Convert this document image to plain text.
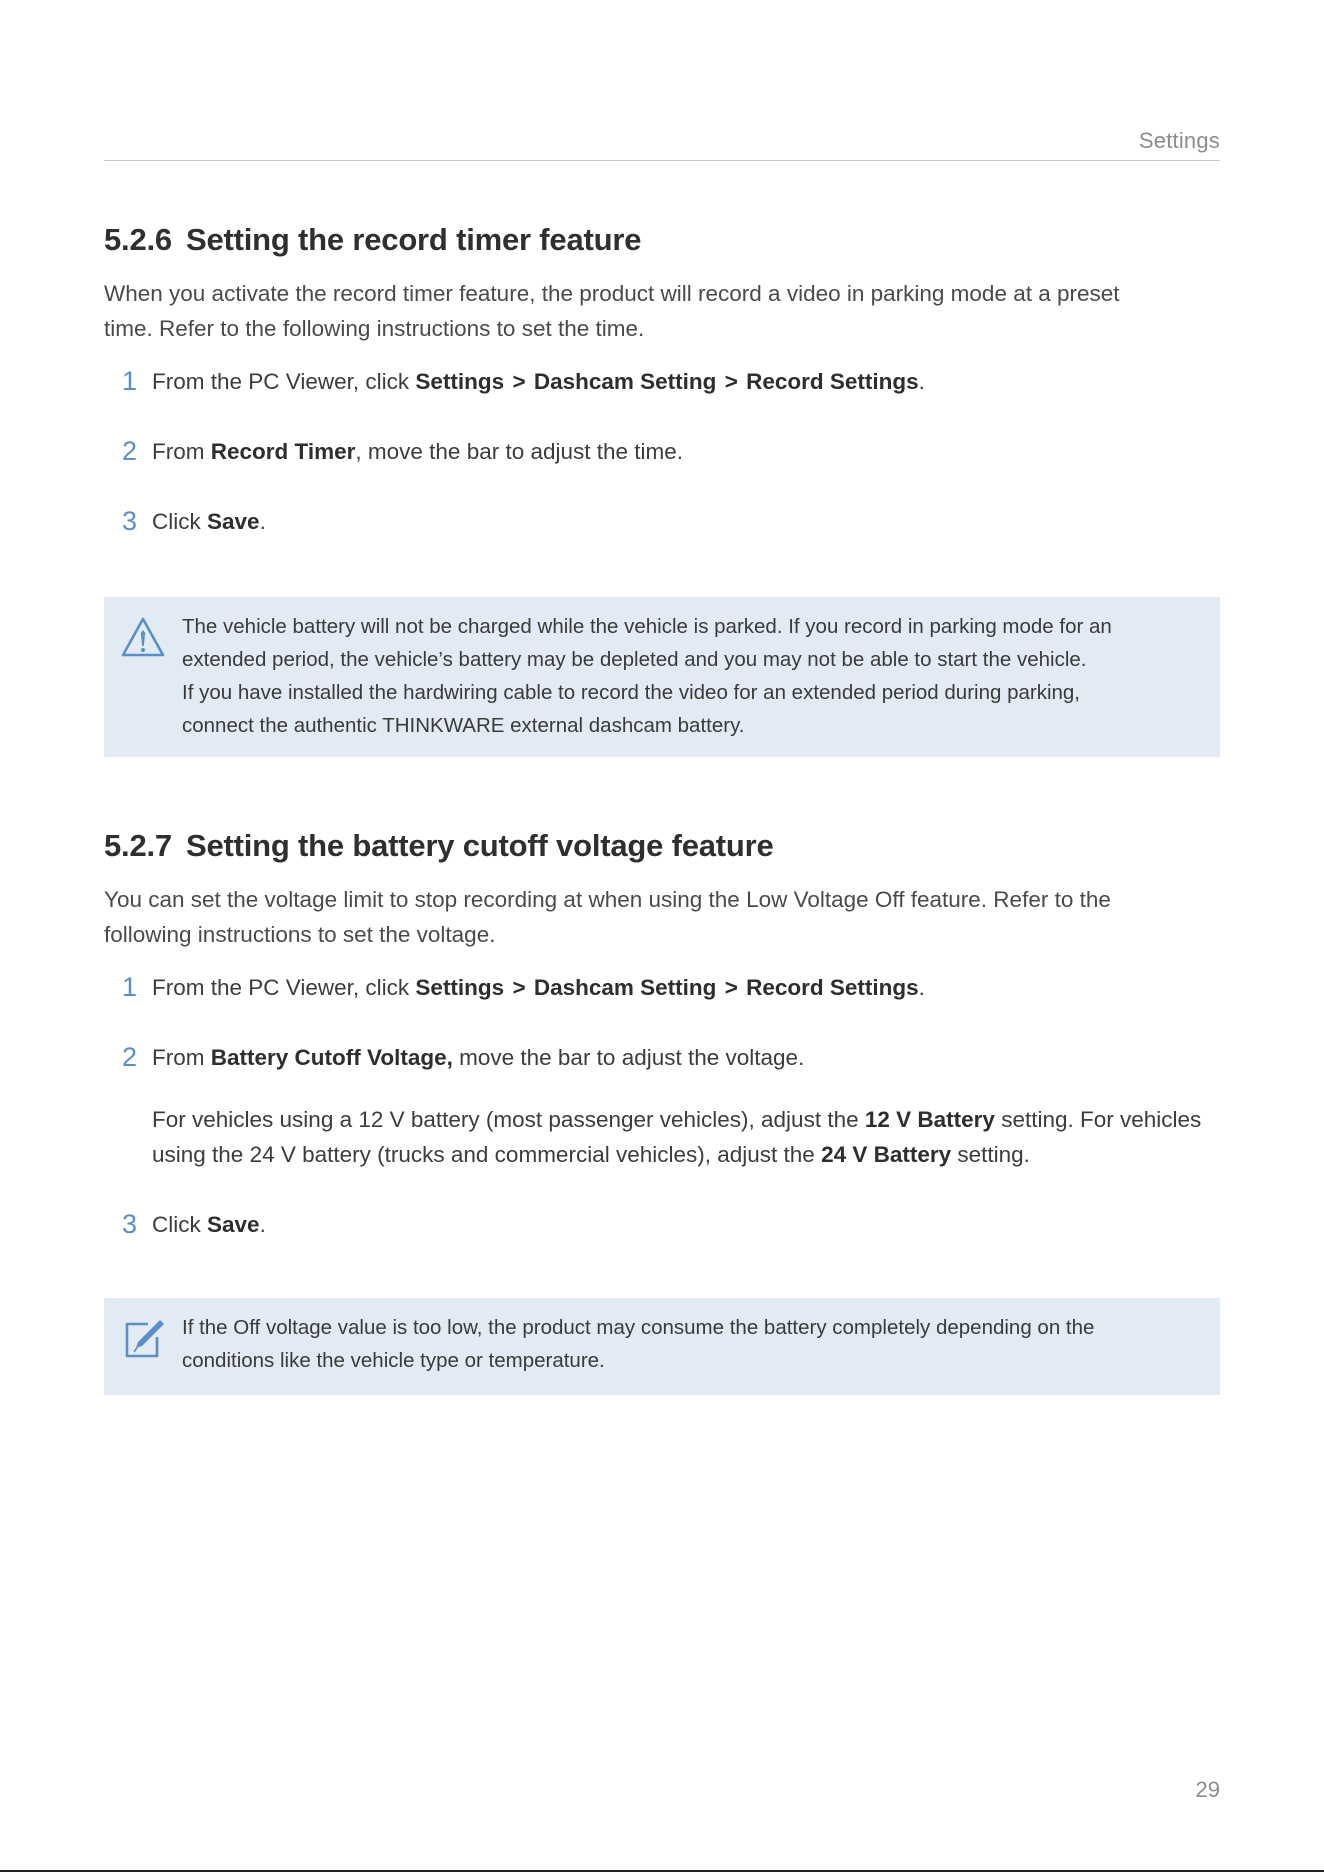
Settings
5.2.6 Setting the record timer feature

When you activate the record timer feature, the product will record a video in parking mode at a preset
time. Refer to the following instructions to set the time.

1 From the PC Viewer, click Settings > Dashcam Setting > Record Settings.
2 From Record Timer, move the bar to adjust the time.
3 Click Save.

The vehicle battery will not be charged while the vehicle is parked. If you record in parking mode for an
extended period, the vehicle’s battery may be depleted and you may not be able to start the vehicle.
If you have installed the hardwiring cable to record the video for an extended period during parking,
connect the authentic THINKWARE external dashcam battery.

5.2.7 Setting the battery cutoff voltage feature

You can set the voltage limit to stop recording at when using the Low Voltage Off feature. Refer to the
following instructions to set the voltage.

1 From the PC Viewer, click Settings > Dashcam Setting > Record Settings.
2 From Battery Cutoff Voltage, move the bar to adjust the voltage.
For vehicles using a 12 V battery (most passenger vehicles), adjust the 12 V Battery setting. For vehicles using the 24 V battery (trucks and commercial vehicles), adjust the 24 V Battery setting.
3 Click Save.

If the Off voltage value is too low, the product may consume the battery completely depending on the
conditions like the vehicle type or temperature.

29
